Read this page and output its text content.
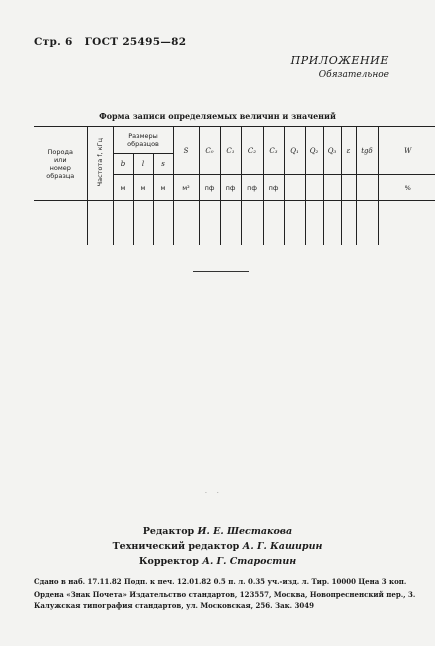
Стр. 6 ГОСТ 25495—82
ПРИЛОЖЕНИЕ
Обязательное
Форма записи определяемых величин и значений
Порода или номер образца	Частота f, кГц	Размеры образцов			S	C₀	C₁	C₂	C₃	Q₁	Q₂	Q₃	ε	tgδ	W
		b	l	s											
		м	м	м	м²	пф	пф	пф	пф						%

· ·
Редактор И. Е. Шестакова
Технический редактор А. Г. Каширин
Корректор А. Г. Старостин
Сдано в наб. 17.11.82 Подп. к печ. 12.01.82 0.5 п. л. 0.35 уч.-изд. л. Тир. 10000 Цена 3 коп.
Ордена «Знак Почета» Издательство стандартов, 123557, Москва, Новопресненский пер., 3.
Калужская типография стандартов, ул. Московская, 256. Зак. 3049
